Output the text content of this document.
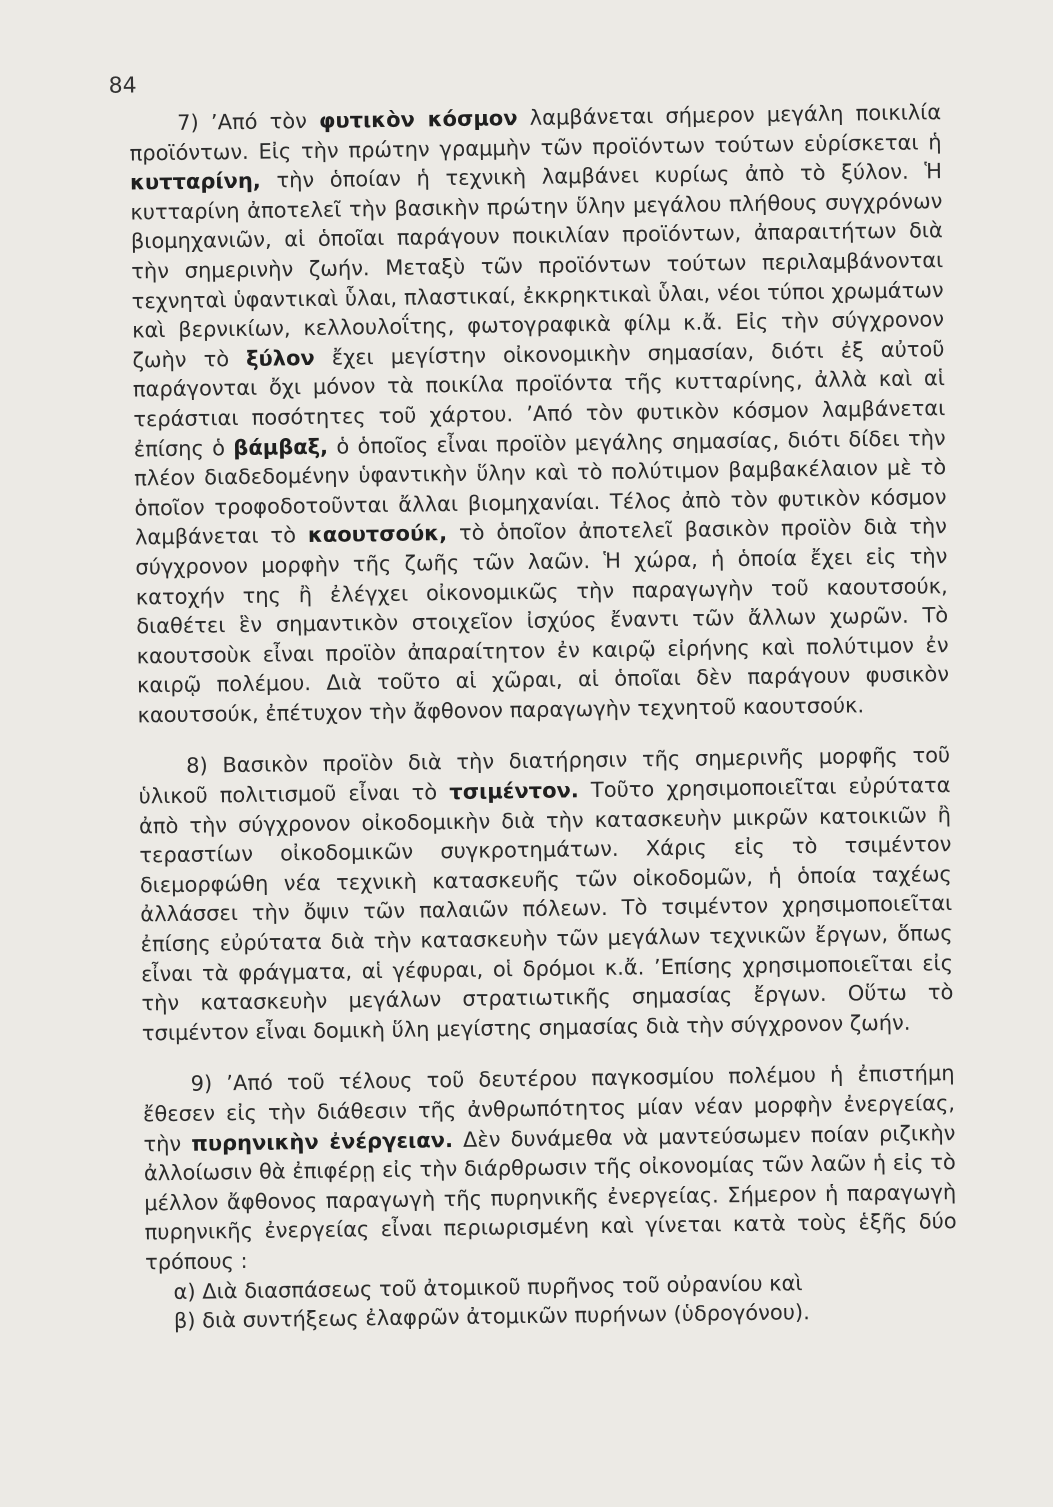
84

7) ’Από τὸν φυτικὸν κόσμον λαμβάνεται σήμερον μεγάλη ποικιλία προϊόντων. Εἰς τὴν πρώτην γραμμὴν τῶν προϊόντων τούτων εὑρίσκεται ἡ κυτταρίνη, τὴν ὁποίαν ἡ τεχνικὴ λαμβάνει κυρίως ἀπὸ τὸ ξύλον. Ἡ κυτταρίνη ἀποτελεῖ τὴν βασικὴν πρώτην ὕλην μεγάλου πλήθους συγχρόνων βιομηχανιῶν, αἱ ὁποῖαι παράγουν ποικιλίαν προϊόντων, ἀπαραιτήτων διὰ τὴν σημερινὴν ζωήν. Μεταξὺ τῶν προϊόντων τούτων περιλαμβάνονται τεχνηταὶ ὑφαντικαὶ ὗλαι, πλαστικαί, ἐκκρηκτικαὶ ὗλαι, νέοι τύποι χρωμάτων καὶ βερνικίων, κελλουλοΐτης, φωτογραφικὰ φίλμ κ.ἄ. Εἰς τὴν σύγχρονον ζωὴν τὸ ξύλον ἔχει μεγίστην οἰκονομικὴν σημασίαν, διότι ἐξ αὐτοῦ παράγονται ὄχι μόνον τὰ ποικίλα προϊόντα τῆς κυτταρίνης, ἀλλὰ καὶ αἱ τεράστιαι ποσότητες τοῦ χάρτου. ’Από τὸν φυτικὸν κόσμον λαμβάνεται ἐπίσης ὁ βάμβαξ, ὁ ὁποῖος εἶναι προϊὸν μεγάλης σημασίας, διότι δίδει τὴν πλέον διαδεδομένην ὑφαντικὴν ὕλην καὶ τὸ πολύτιμον βαμβακέλαιον μὲ τὸ ὁποῖον τροφοδοτοῦνται ἄλλαι βιομηχανίαι. Τέλος ἀπὸ τὸν φυτικὸν κόσμον λαμβάνεται τὸ καουτσούκ, τὸ ὁποῖον ἀποτελεῖ βασικὸν προϊὸν διὰ τὴν σύγχρονον μορφὴν τῆς ζωῆς τῶν λαῶν. Ἡ χώρα, ἡ ὁποία ἔχει εἰς τὴν κατοχήν της ἢ ἐλέγχει οἰκονομικῶς τὴν παραγωγὴν τοῦ καουτσούκ, διαθέτει ἓν σημαντικὸν στοιχεῖον ἰσχύος ἔναντι τῶν ἄλλων χωρῶν. Τὸ καουτσοὺκ εἶναι προϊὸν ἀπαραίτητον ἐν καιρῷ εἰρήνης καὶ πολύτιμον ἐν καιρῷ πολέμου. Διὰ τοῦτο αἱ χῶραι, αἱ ὁποῖαι δὲν παράγουν φυσικὸν καουτσούκ, ἐπέτυχον τὴν ἄφθονον παραγωγὴν τεχνητοῦ καουτσούκ.

8) Βασικὸν προϊὸν διὰ τὴν διατήρησιν τῆς σημερινῆς μορφῆς τοῦ ὑλικοῦ πολιτισμοῦ εἶναι τὸ τσιμέντον. Τοῦτο χρησιμοποιεῖται εὐρύτατα ἀπὸ τὴν σύγχρονον οἰκοδομικὴν διὰ τὴν κατασκευὴν μικρῶν κατοικιῶν ἢ τεραστίων οἰκοδομικῶν συγκροτημάτων. Χάρις εἰς τὸ τσιμέντον διεμορφώθη νέα τεχνικὴ κατασκευῆς τῶν οἰκοδομῶν, ἡ ὁποία ταχέως ἀλλάσσει τὴν ὄψιν τῶν παλαιῶν πόλεων. Τὸ τσιμέντον χρησιμοποιεῖται ἐπίσης εὐρύτατα διὰ τὴν κατασκευὴν τῶν μεγάλων τεχνικῶν ἔργων, ὅπως εἶναι τὰ φράγματα, αἱ γέφυραι, οἱ δρόμοι κ.ἄ. ’Επίσης χρησιμοποιεῖται εἰς τὴν κατασκευὴν μεγάλων στρατιωτικῆς σημασίας ἔργων. Οὕτω τὸ τσιμέντον εἶναι δομικὴ ὕλη μεγίστης σημασίας διὰ τὴν σύγχρονον ζωήν.

9) ’Από τοῦ τέλους τοῦ δευτέρου παγκοσμίου πολέμου ἡ ἐπιστήμη ἔθεσεν εἰς τὴν διάθεσιν τῆς ἀνθρωπότητος μίαν νέαν μορφὴν ἐνεργείας, τὴν πυρηνικὴν ἐνέργειαν. Δὲν δυνάμεθα νὰ μαντεύσωμεν ποίαν ριζικὴν ἀλλοίωσιν θὰ ἐπιφέρῃ εἰς τὴν διάρθρωσιν τῆς οἰκονομίας τῶν λαῶν ἡ εἰς τὸ μέλλον ἄφθονος παραγωγὴ τῆς πυρηνικῆς ἐνεργείας. Σήμερον ἡ παραγωγὴ πυρηνικῆς ἐνεργείας εἶναι περιωρισμένη καὶ γίνεται κατὰ τοὺς ἑξῆς δύο τρόπους :

α) Διὰ διασπάσεως τοῦ ἀτομικοῦ πυρῆνος τοῦ οὐρανίου καὶ

β) διὰ συντήξεως ἐλαφρῶν ἀτομικῶν πυρήνων (ὑδρογόνου).
